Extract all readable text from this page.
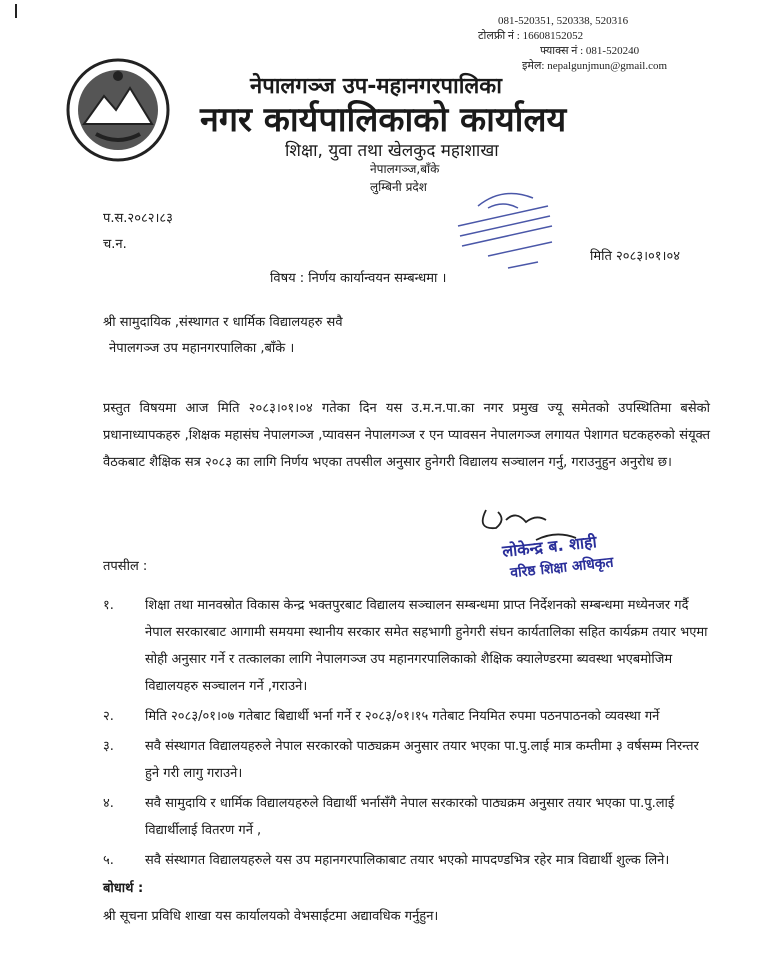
081-520351, 520338, 520316
टोलफ्री नं : 16608152052
फ्याक्स नं : 081-520240
इमेल: nepalgunjmun@gmail.com
नेपालगञ्ज उप-महानगरपालिका
नगर कार्यपालिकाको कार्यालय
शिक्षा, युवा तथा खेलकुद महाशाखा
नेपालगञ्ज,बाँके
लुम्बिनी प्रदेश
प.स.२०८२।८३
च.न.
मिति २०८३।०१।०४
विषय : निर्णय कार्यान्वयन सम्बन्धमा ।
श्री सामुदायिक ,संस्थागत र धार्मिक विद्यालयहरु सवै
नेपालगञ्ज उप महानगरपालिका ,बाँके ।
प्रस्तुत विषयमा आज मिति २०८३।०१।०४ गतेका दिन यस उ.म.न.पा.का नगर प्रमुख ज्यू समेतको उपस्थितिमा बसेको प्रधानाध्यापकहरु ,शिक्षक महासंघ नेपालगञ्ज ,प्यावसन नेपालगञ्ज र एन प्यावसन नेपालगञ्ज लगायत पेशागत घटकहरुको संयूक्त वैठकबाट शैक्षिक सत्र २०८३ का लागि निर्णय भएका तपसील अनुसार हुनेगरी विद्यालय सञ्चालन गर्नु, गराउनुहुन अनुरोध छ।
लोकेन्द्र ब. शाही
वरिष्ठ शिक्षा अधिकृत
तपसील :
१.	शिक्षा तथा मानवस्रोत विकास केन्द्र भक्तपुरबाट विद्यालय सञ्चालन सम्बन्धमा प्राप्त निर्देशनको सम्बन्धमा मध्येनजर गर्दै नेपाल सरकारबाट आगामी समयमा स्थानीय सरकार समेत सहभागी हुनेगरी संघन कार्यतालिका सहित कार्यक्रम तयार भएमा सोही अनुसार गर्ने र तत्कालका लागि नेपालगञ्ज उप महानगरपालिकाको शैक्षिक क्यालेण्डरमा ब्यवस्था भएबमोजिम विद्यालयहरु सञ्चालन गर्ने ,गराउने।
२.	मिति २०८३/०१।०७ गतेबाट बिद्यार्थी भर्ना गर्ने र २०८३/०१।१५ गतेबाट नियमित रुपमा पठनपाठनको व्यवस्था गर्ने
३.	सवै संस्थागत विद्यालयहरुले नेपाल सरकारको पाठ्यक्रम अनुसार तयार भएका पा.पु.लाई मात्र कम्तीमा ३ वर्षसम्म निरन्तर हुने गरी लागु गराउने।
४.	सवै सामुदायि र धार्मिक विद्यालयहरुले विद्यार्थी भर्नासँगै नेपाल सरकारको पाठ्यक्रम अनुसार तयार भएका पा.पु.लाई विद्यार्थीलाई वितरण गर्ने ,
५.	सवै संस्थागत विद्यालयहरुले यस उप महानगरपालिकाबाट तयार भएको मापदण्डभित्र रहेर मात्र विद्यार्थी शुल्क लिने।
बोधार्थ :
श्री सूचना प्रविधि शाखा यस कार्यालयको वेभसाईटमा अद्यावधिक गर्नुहुन।
